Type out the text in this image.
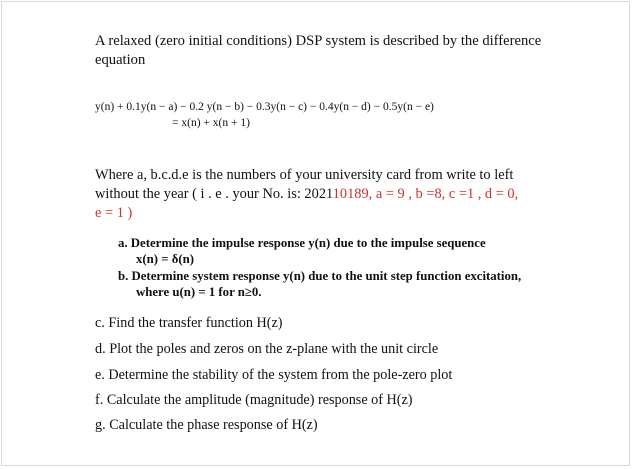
A relaxed (zero initial conditions) DSP system is described by the difference
equation
y(n) + 0.1y(n − a) − 0.2 y(n − b) − 0.3y(n − c) − 0.4y(n − d) − 0.5y(n − e)
= x(n) + x(n + 1)
Where a, b.c.d.e is the numbers of your university card from write to left
without the year ( i . e . your No. is: 202110189, a = 9 , b =8, c =1 , d = 0,
e = 1 )
a. Determine the impulse response y(n) due to the impulse sequence
x(n) = δ(n)
b. Determine system response y(n) due to the unit step function excitation,
where u(n) = 1 for n≥0.
c. Find the transfer function H(z)
d. Plot the poles and zeros on the z-plane with the unit circle
e. Determine the stability of the system from the pole-zero plot
f. Calculate the amplitude (magnitude) response of H(z)
g. Calculate the phase response of H(z)
